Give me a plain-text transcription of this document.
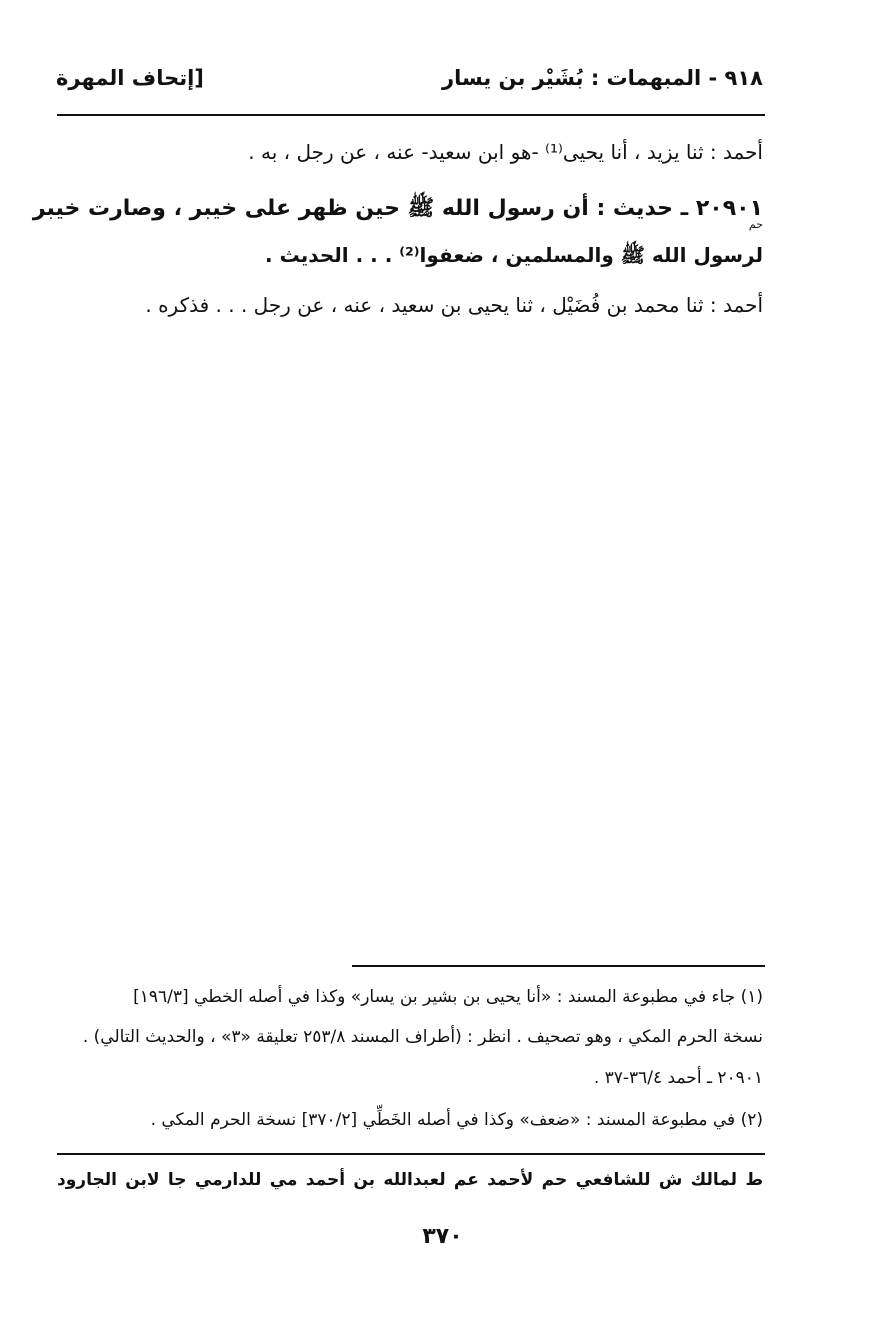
٩١٨ - المبهمات : بُشَيْر بن يسار
[إتحاف المهرة
أحمد : ثنا يزيد ، أنا يحيى⁽¹⁾ -هو ابن سعيد- عنه ، عن رجل ، به .
٢٠٩٠١ ـ حديث : أن رسول الله ﷺ حين ظهر على خيبر ، وصارت خيبر
حم
لرسول الله ﷺ والمسلمين ، ضعفوا⁽²⁾ . . . الحديث .
أحمد : ثنا محمد بن فُضَيْل ، ثنا يحيى بن سعيد ، عنه ، عن رجل . . . فذكره .
(١) جاء في مطبوعة المسند : «أنا يحيى بن بشير بن يسار» وكذا في أصله الخطي [١٩٦/٣]
نسخة الحرم المكي ، وهو تصحيف . انظر : (أطراف المسند ٢٥٣/٨ تعليقة «٣» ، والحديث التالي) .
٢٠٩٠١ ـ أحمد ٣٦/٤-٣٧ .
(٢) في مطبوعة المسند : «ضعف» وكذا في أصله الخَطِّي [٣٧٠/٢] نسخة الحرم المكي .
ط لمالك ش للشافعي حم لأحمد عم لعبدالله بن أحمد مي للدارمي جا لابن الجارود
٣٧٠
